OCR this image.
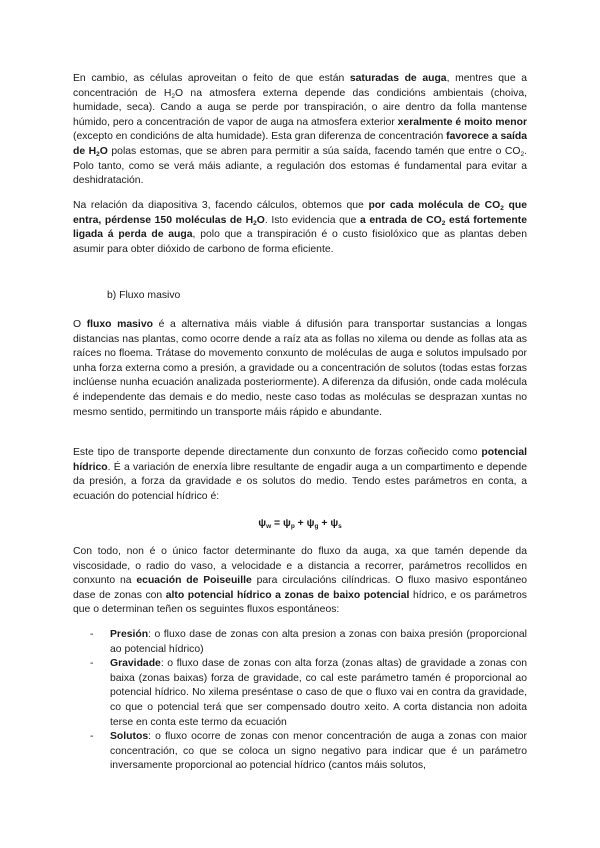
En cambio, as células aproveitan o feito de que están saturadas de auga, mentres que a concentración de $H_2O$ na atmosfera externa depende das condicións ambientais (choiva, humidade, seca). Cando a auga se perde por transpiración, o aire dentro da folla mantense húmido, pero a concentración de vapor de auga na atmosfera exterior xeralmente é moito menor (excepto en condicións de alta humidade). Esta gran diferenza de concentración favorece a saída de $H_2O$ polas estomas, que se abren para permitir a súa saída, facendo tamén que entre o $CO_2$. Polo tanto, como se verá máis adiante, a regulación dos estomas é fundamental para evitar a deshidratación.

Na relación da diapositiva 3, facendo cálculos, obtemos que por cada molécula de $CO_2$ que entra, pérdense 150 moléculas de $H_2O$. Isto evidencia que a entrada de $CO_2$ está fortemente ligada á perda de auga, polo que a transpiración é o custo fisiolóxico que as plantas deben asumir para obter dióxido de carbono de forma eficiente.

b) Fluxo masivo

O fluxo masivo é a alternativa máis viable á difusión para transportar sustancias a longas distancias nas plantas, como ocorre dende a raíz ata as follas no xilema ou dende as follas ata as raíces no floema. Trátase do movemento conxunto de moléculas de auga e solutos impulsado por unha forza externa como a presión, a gravidade ou a concentración de solutos (todas estas forzas inclúense nunha ecuación analizada posteriormente). A diferenza da difusión, onde cada molécula é independente das demais e do medio, neste caso todas as moléculas se desprazan xuntas no mesmo sentido, permitindo un transporte máis rápido e abundante.

Este tipo de transporte depende directamente dun conxunto de forzas coñecido como potencial hídrico. É a variación de enerxía libre resultante de engadir auga a un compartimento e depende da presión, a forza da gravidade e os solutos do medio. Tendo estes parámetros en conta, a ecuación do potencial hídrico é:

$\psi_w = \psi_p + \psi_g + \psi_s$

Con todo, non é o único factor determinante do fluxo da auga, xa que tamén depende da viscosidade, o radio do vaso, a velocidade e a distancia a recorrer, parámetros recollidos en conxunto na ecuación de Poiseuille para circulacións cilíndricas. O fluxo masivo espontáneo dase de zonas con alto potencial hídrico a zonas de baixo potencial hídrico, e os parámetros que o determinan teñen os seguintes fluxos espontáneos:

- Presión: o fluxo dase de zonas con alta presion a zonas con baixa presión (proporcional ao potencial hídrico)
- Gravidade: o fluxo dase de zonas con alta forza (zonas altas) de gravidade a zonas con baixa (zonas baixas) forza de gravidade, co cal este parámetro tamén é proporcional ao potencial hídrico. No xilema preséntase o caso de que o fluxo vai en contra da gravidade, co que o potencial terá que ser compensado doutro xeito. A corta distancia non adoita terse en conta este termo da ecuación
- Solutos: o fluxo ocorre de zonas con menor concentración de auga a zonas con maior concentración, co que se coloca un signo negativo para indicar que é un parámetro inversamente proporcional ao potencial hídrico (cantos máis solutos,
